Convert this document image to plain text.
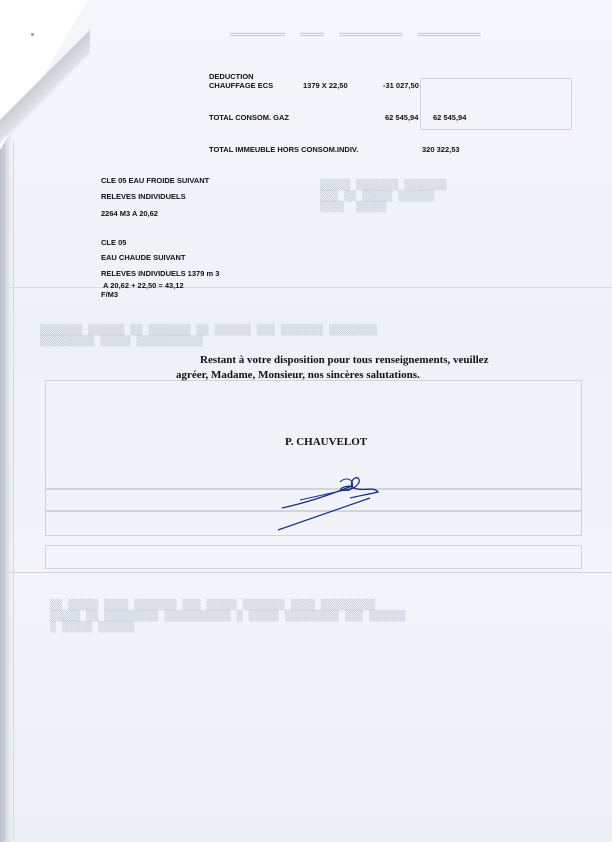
═══════  ═══  ════════  ════════
▒▒▒▒▒ ▒▒▒▒▒▒▒ ▒▒▒▒▒▒▒
▒▒▒ ▒▒ ▒▒▒▒▒ ▒▒▒▒▒▒
▒▒▒▒  ▒▒▒▒▒
▒▒▒▒▒▒▒ ▒▒▒▒▒▒ ▒▒ ▒▒▒▒▒▒▒ ▒▒ ▒▒▒▒▒▒ ▒▒▒ ▒▒▒▒▒▒▒ ▒▒▒▒▒▒▒▒
▒▒▒▒▒▒▒▒▒ ▒▒▒▒▒ ▒▒▒▒▒▒▒▒▒▒▒
▒▒ ▒▒▒▒▒ ▒▒▒▒ ▒▒▒▒▒▒▒ ▒▒▒ ▒▒▒▒▒ ▒▒▒▒▒▒▒ ▒▒▒▒ ▒▒▒▒▒▒▒▒▒
▒▒▒▒▒ ▒▒ ▒▒▒▒▒▒▒▒▒ ▒▒▒▒▒▒▒▒▒▒▒ ▒ ▒▒▒▒▒ ▒▒▒▒▒▒▒▒▒ ▒▒▒ ▒▒▒▒▒▒
▒ ▒▒▒▒▒ ▒▒▒▒▒▒
DEDUCTION
CHAUFFAGE ECS	1379 X 22,50	-31 027,50
TOTAL CONSOM. GAZ	62 545,94 62 545,94
TOTAL IMMEUBLE HORS CONSOM.INDIV.	320 322,53
CLE 05 EAU FROIDE SUIVANT
RELEVES INDIVIDUELS
2264 M3 A 20,62
CLE 05
EAU CHAUDE SUIVANT
RELEVES INDIVIDUELS 1379 m 3
A 20,62 + 22,50 = 43,12
F/M3
Restant à votre disposition pour tous renseignements, veuillez
agréer, Madame, Monsieur, nos sincères salutations.
P. CHAUVELOT
